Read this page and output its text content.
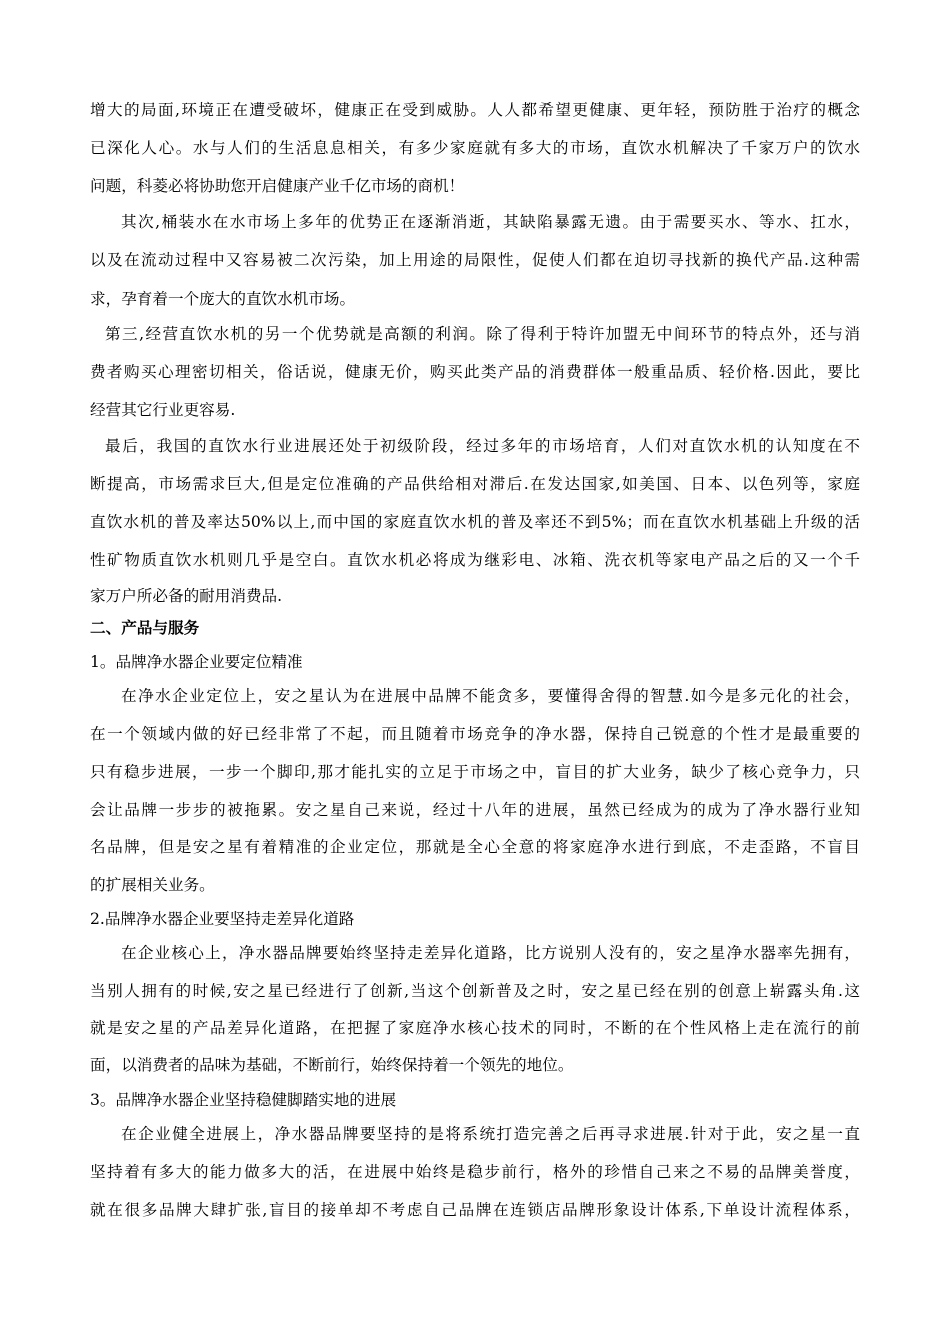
增大的局面,环境正在遭受破坏，健康正在受到威胁。人人都希望更健康、更年轻，预防胜于治疗的概念
已深化人心。水与人们的生活息息相关，有多少家庭就有多大的市场，直饮水机解决了千家万户的饮水
问题，科菱必将协助您开启健康产业千亿市场的商机！
其次,桶装水在水市场上多年的优势正在逐渐消逝，其缺陷暴露无遗。由于需要买水、等水、扛水，
以及在流动过程中又容易被二次污染，加上用途的局限性，促使人们都在迫切寻找新的换代产品.这种需
求，孕育着一个庞大的直饮水机市场。
第三,经营直饮水机的另一个优势就是高额的利润。除了得利于特许加盟无中间环节的特点外，还与消
费者购买心理密切相关，俗话说，健康无价，购买此类产品的消费群体一般重品质、轻价格.因此，要比
经营其它行业更容易.
最后，我国的直饮水行业进展还处于初级阶段，经过多年的市场培育，人们对直饮水机的认知度在不
断提高，市场需求巨大,但是定位准确的产品供给相对滞后.在发达国家,如美国、日本、以色列等，家庭
直饮水机的普及率达50%以上,而中国的家庭直饮水机的普及率还不到5%；而在直饮水机基础上升级的活
性矿物质直饮水机则几乎是空白。直饮水机必将成为继彩电、冰箱、洗衣机等家电产品之后的又一个千
家万户所必备的耐用消费品.
二、产品与服务
1。品牌净水器企业要定位精准
在净水企业定位上，安之星认为在进展中品牌不能贪多，要懂得舍得的智慧.如今是多元化的社会，
在一个领域内做的好已经非常了不起，而且随着市场竞争的净水器，保持自己锐意的个性才是最重要的
只有稳步进展，一步一个脚印,那才能扎实的立足于市场之中，盲目的扩大业务，缺少了核心竞争力，只
会让品牌一步步的被拖累。安之星自己来说，经过十八年的进展，虽然已经成为的成为了净水器行业知
名品牌，但是安之星有着精准的企业定位，那就是全心全意的将家庭净水进行到底，不走歪路，不盲目
的扩展相关业务。
2.品牌净水器企业要坚持走差异化道路
在企业核心上，净水器品牌要始终坚持走差异化道路，比方说别人没有的，安之星净水器率先拥有，
当别人拥有的时候,安之星已经进行了创新,当这个创新普及之时，安之星已经在别的创意上崭露头角.这
就是安之星的产品差异化道路，在把握了家庭净水核心技术的同时，不断的在个性风格上走在流行的前
面，以消费者的品味为基础，不断前行，始终保持着一个领先的地位。
3。品牌净水器企业坚持稳健脚踏实地的进展
在企业健全进展上，净水器品牌要坚持的是将系统打造完善之后再寻求进展.针对于此，安之星一直
坚持着有多大的能力做多大的活，在进展中始终是稳步前行，格外的珍惜自己来之不易的品牌美誉度，
就在很多品牌大肆扩张,盲目的接单却不考虑自己品牌在连锁店品牌形象设计体系,下单设计流程体系，
